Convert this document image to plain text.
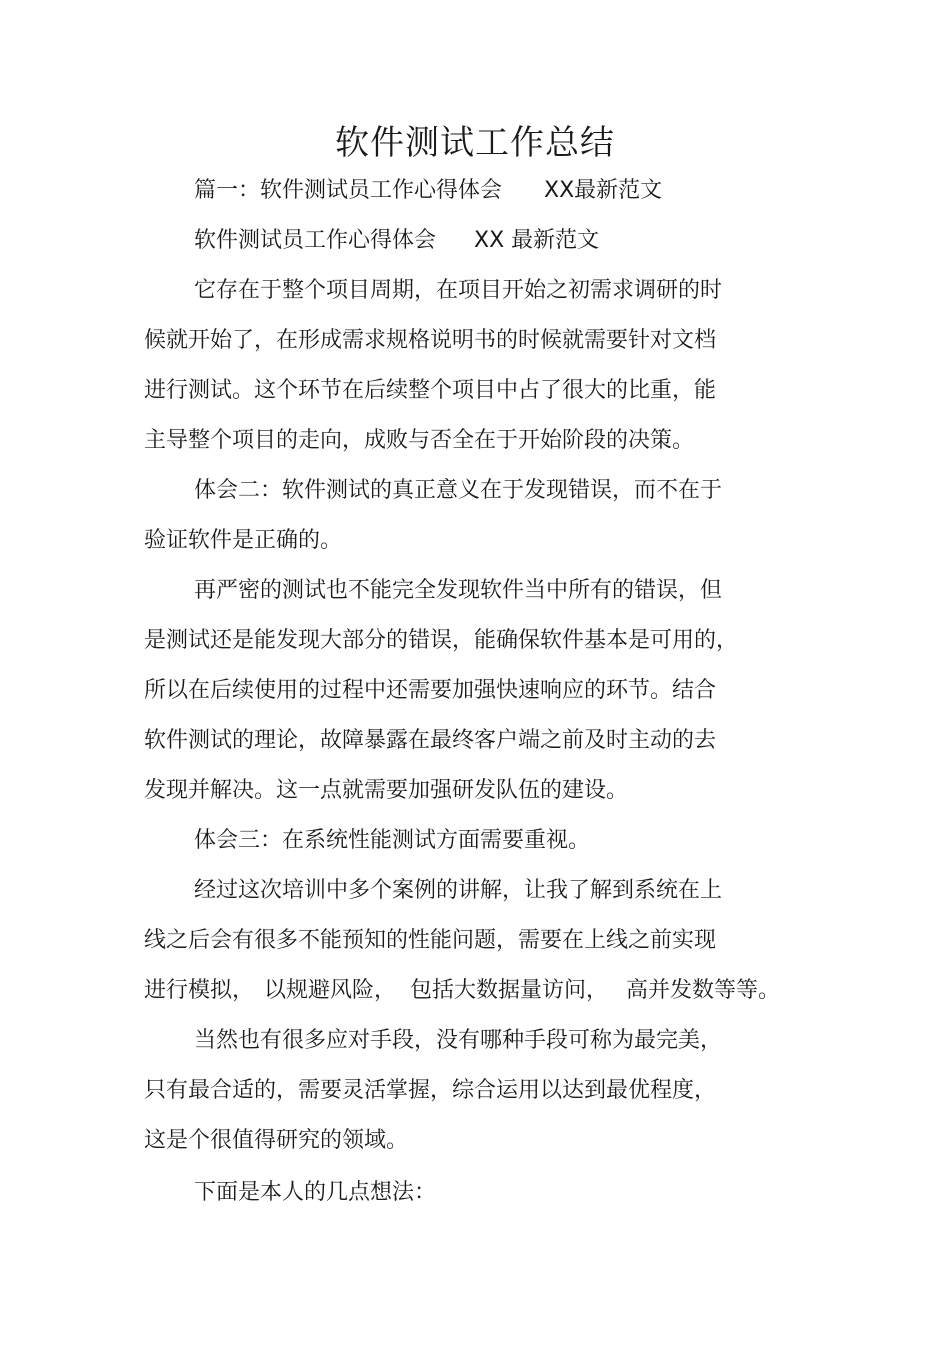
软件测试工作总结
篇一：软件测试员工作心得体会 XX最新范文
软件测试员工作心得体会 XX 最新范文
它存在于整个项目周期，在项目开始之初需求调研的时
候就开始了，在形成需求规格说明书的时候就需要针对文档
进行测试。这个环节在后续整个项目中占了很大的比重，能
主导整个项目的走向，成败与否全在于开始阶段的决策。
体会二：软件测试的真正意义在于发现错误，而不在于
验证软件是正确的。
再严密的测试也不能完全发现软件当中所有的错误，但
是测试还是能发现大部分的错误，能确保软件基本是可用的，
所以在后续使用的过程中还需要加强快速响应的环节。结合
软件测试的理论，故障暴露在最终客户端之前及时主动的去
发现并解决。这一点就需要加强研发队伍的建设。
体会三：在系统性能测试方面需要重视。
经过这次培训中多个案例的讲解，让我了解到系统在上
线之后会有很多不能预知的性能问题，需要在上线之前实现
进行模拟， 以规避风险， 包括大数据量访问， 高并发数等等。
当然也有很多应对手段，没有哪种手段可称为最完美，
只有最合适的，需要灵活掌握，综合运用以达到最优程度，
这是个很值得研究的领域。
下面是本人的几点想法：
